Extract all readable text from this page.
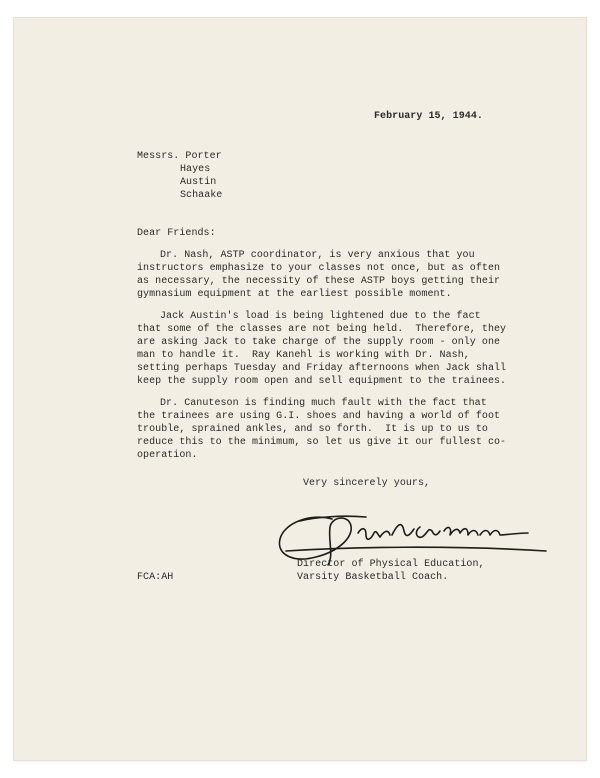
February 15, 1944.
Messrs. Porter
Hayes
Austin
Schaake
Dear Friends:
Dr. Nash, ASTP coordinator, is very anxious that you
instructors emphasize to your classes not once, but as often
as necessary, the necessity of these ASTP boys getting their
gymnasium equipment at the earliest possible moment.
Jack Austin's load is being lightened due to the fact
that some of the classes are not being held.  Therefore, they
are asking Jack to take charge of the supply room - only one
man to handle it.  Ray Kanehl is working with Dr. Nash,
setting perhaps Tuesday and Friday afternoons when Jack shall
keep the supply room open and sell equipment to the trainees.
Dr. Canuteson is finding much fault with the fact that
the trainees are using G.I. shoes and having a world of foot
trouble, sprained ankles, and so forth.  It is up to us to
reduce this to the minimum, so let us give it our fullest co-
operation.
Very sincerely yours,
Director of Physical Education,
Varsity Basketball Coach.
FCA:AH
